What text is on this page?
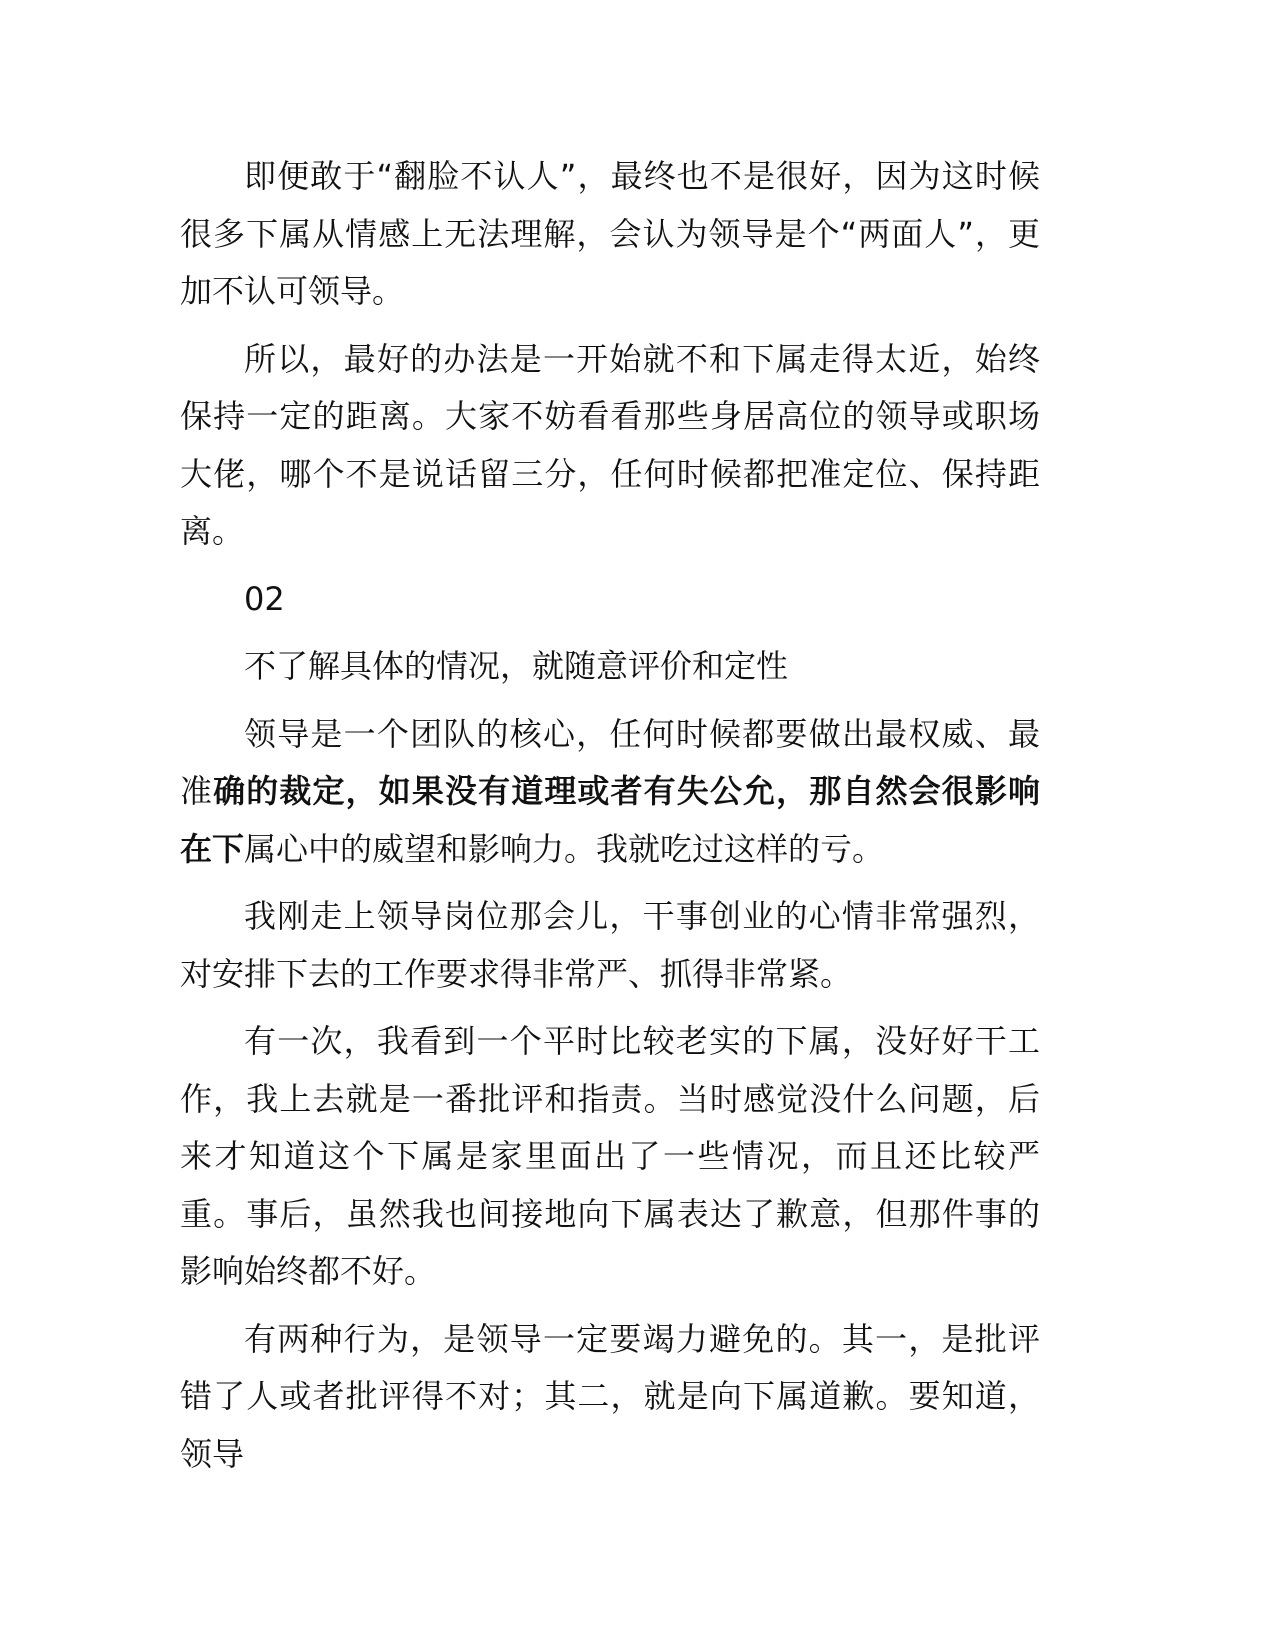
即便敢于“翻脸不认人”，最终也不是很好，因为这时候很多下属从情感上无法理解，会认为领导是个“两面人”，更加不认可领导。

所以，最好的办法是一开始就不和下属走得太近，始终保持一定的距离。大家不妨看看那些身居高位的领导或职场大佬，哪个不是说话留三分，任何时候都把准定位、保持距离。

02

不了解具体的情况，就随意评价和定性

领导是一个团队的核心，任何时候都要做出最权威、最准确的裁定，如果没有道理或者有失公允，那自然会很影响在下属心中的威望和影响力。我就吃过这样的亏。

我刚走上领导岗位那会儿，干事创业的心情非常强烈，对安排下去的工作要求得非常严、抓得非常紧。

有一次，我看到一个平时比较老实的下属，没好好干工作，我上去就是一番批评和指责。当时感觉没什么问题，后来才知道这个下属是家里面出了一些情况，而且还比较严重。事后，虽然我也间接地向下属表达了歉意，但那件事的影响始终都不好。

有两种行为，是领导一定要竭力避免的。其一，是批评错了人或者批评得不对；其二，就是向下属道歉。要知道，领导
